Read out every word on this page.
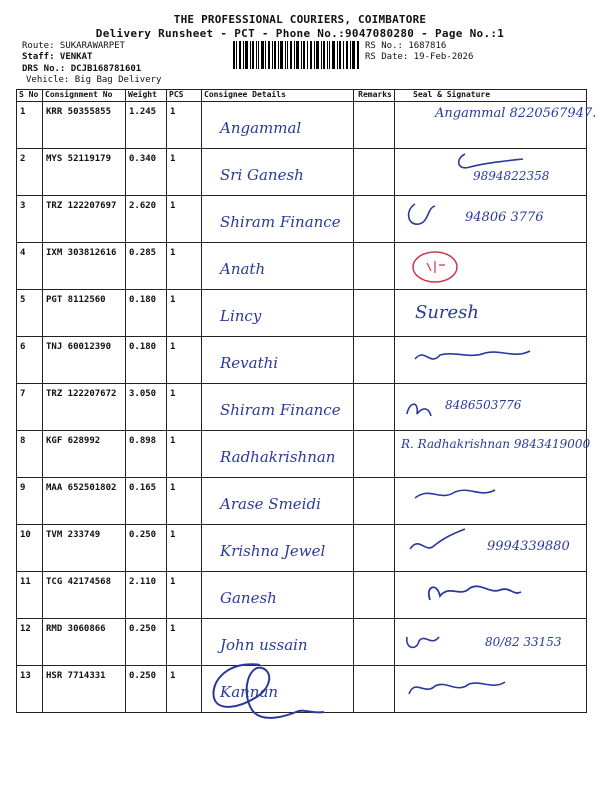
THE PROFESSIONAL COURIERS, COIMBATORE
Delivery Runsheet - PCT - Phone No.:9047080280 - Page No.:1
Route: SUKARAWARPET
Staff: VENKAT
DRS No.: DCJB168781601
Vehicle: Big Bag Delivery
RS No.: 1687816
RS Date: 19-Feb-2026
S No	Consignment No	Weight	PCS	Consignee Details	Remarks	Seal & Signature
1	KRR 50355855	1.245	1	Angammal		Angammal 8220567947.
2	MYS 52119179	0.340	1	Sri Ganesh		9894822358
3	TRZ 122207697	2.620	1	Shiram Finance		94806 3776
4	IXM 303812616	0.285	1	Anath		

5	PGT 8112560	0.180	1	Lincy		Suresh
6	TNJ 60012390	0.180	1	Revathi		

7	TRZ 122207672	3.050	1	Shiram Finance		8486503776
8	KGF 628992	0.898	1	Radhakrishnan		R. Radhakrishnan 9843419000
9	MAA 652501802	0.165	1	Arase Smeidi		

10	TVM 233749	0.250	1	Krishna Jewel		9994339880
11	TCG 42174568	2.110	1	Ganesh		

12	RMD 3060866	0.250	1	John ussain		80/82 33153
13	HSR 7714331	0.250	1	Kannan		
